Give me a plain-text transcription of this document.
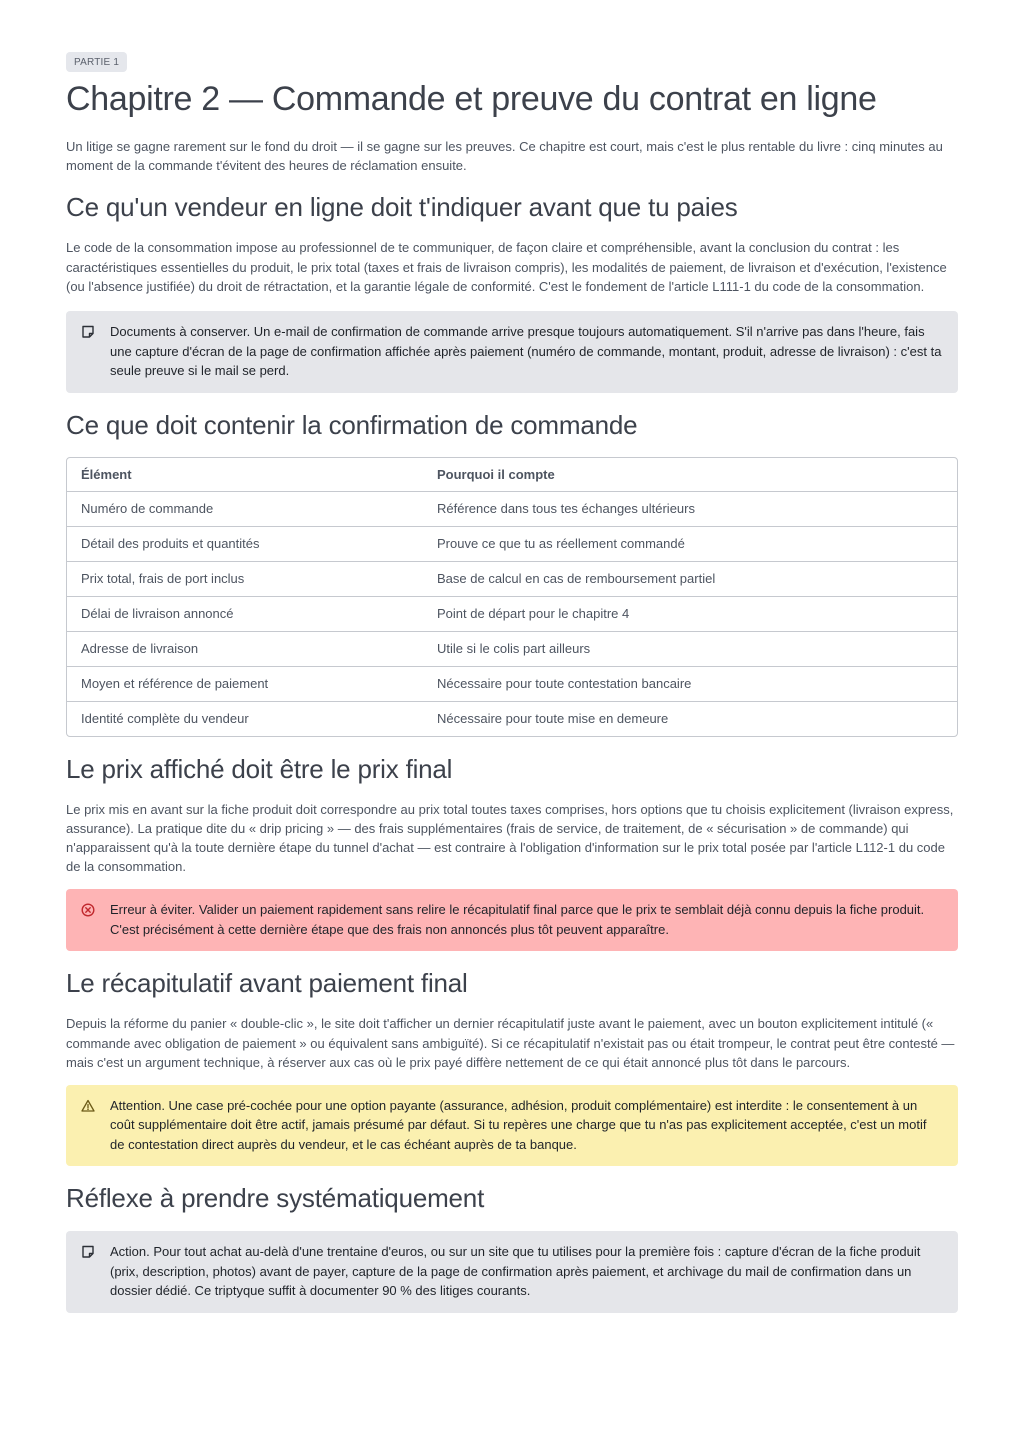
PARTIE 1
Chapitre 2 — Commande et preuve du contrat en ligne

Un litige se gagne rarement sur le fond du droit — il se gagne sur les preuves. Ce chapitre est court, mais c'est le plus rentable du livre : cinq minutes au moment de la commande t'évitent des heures de réclamation ensuite.

Ce qu'un vendeur en ligne doit t'indiquer avant que tu paies

Le code de la consommation impose au professionnel de te communiquer, de façon claire et compréhensible, avant la conclusion du contrat : les caractéristiques essentielles du produit, le prix total (taxes et frais de livraison compris), les modalités de paiement, de livraison et d'exécution, l'existence (ou l'absence justifiée) du droit de rétractation, et la garantie légale de conformité. C'est le fondement de l'article L111-1 du code de la consommation.

Documents à conserver. Un e-mail de confirmation de commande arrive presque toujours automatiquement. S'il n'arrive pas dans l'heure, fais une capture d'écran de la page de confirmation affichée après paiement (numéro de commande, montant, produit, adresse de livraison) : c'est ta seule preuve si le mail se perd.
Ce que doit contenir la confirmation de commande
Élément	Pourquoi il compte
Numéro de commande	Référence dans tous tes échanges ultérieurs
Détail des produits et quantités	Prouve ce que tu as réellement commandé
Prix total, frais de port inclus	Base de calcul en cas de remboursement partiel
Délai de livraison annoncé	Point de départ pour le chapitre 4
Adresse de livraison	Utile si le colis part ailleurs
Moyen et référence de paiement	Nécessaire pour toute contestation bancaire
Identité complète du vendeur	Nécessaire pour toute mise en demeure
Le prix affiché doit être le prix final

Le prix mis en avant sur la fiche produit doit correspondre au prix total toutes taxes comprises, hors options que tu choisis explicitement (livraison express, assurance). La pratique dite du « drip pricing » — des frais supplémentaires (frais de service, de traitement, de « sécurisation » de commande) qui n'apparaissent qu'à la toute dernière étape du tunnel d'achat — est contraire à l'obligation d'information sur le prix total posée par l'article L112-1 du code de la consommation.

Erreur à éviter. Valider un paiement rapidement sans relire le récapitulatif final parce que le prix te semblait déjà connu depuis la fiche produit. C'est précisément à cette dernière étape que des frais non annoncés plus tôt peuvent apparaître.
Le récapitulatif avant paiement final

Depuis la réforme du panier « double-clic », le site doit t'afficher un dernier récapitulatif juste avant le paiement, avec un bouton explicitement intitulé (« commande avec obligation de paiement » ou équivalent sans ambiguïté). Si ce récapitulatif n'existait pas ou était trompeur, le contrat peut être contesté — mais c'est un argument technique, à réserver aux cas où le prix payé diffère nettement de ce qui était annoncé plus tôt dans le parcours.

Attention. Une case pré-cochée pour une option payante (assurance, adhésion, produit complémentaire) est interdite : le consentement à un coût supplémentaire doit être actif, jamais présumé par défaut. Si tu repères une charge que tu n'as pas explicitement acceptée, c'est un motif de contestation direct auprès du vendeur, et le cas échéant auprès de ta banque.
Réflexe à prendre systématiquement
Action. Pour tout achat au-delà d'une trentaine d'euros, ou sur un site que tu utilises pour la première fois : capture d'écran de la fiche produit (prix, description, photos) avant de payer, capture de la page de confirmation après paiement, et archivage du mail de confirmation dans un dossier dédié. Ce triptyque suffit à documenter 90 % des litiges courants.
